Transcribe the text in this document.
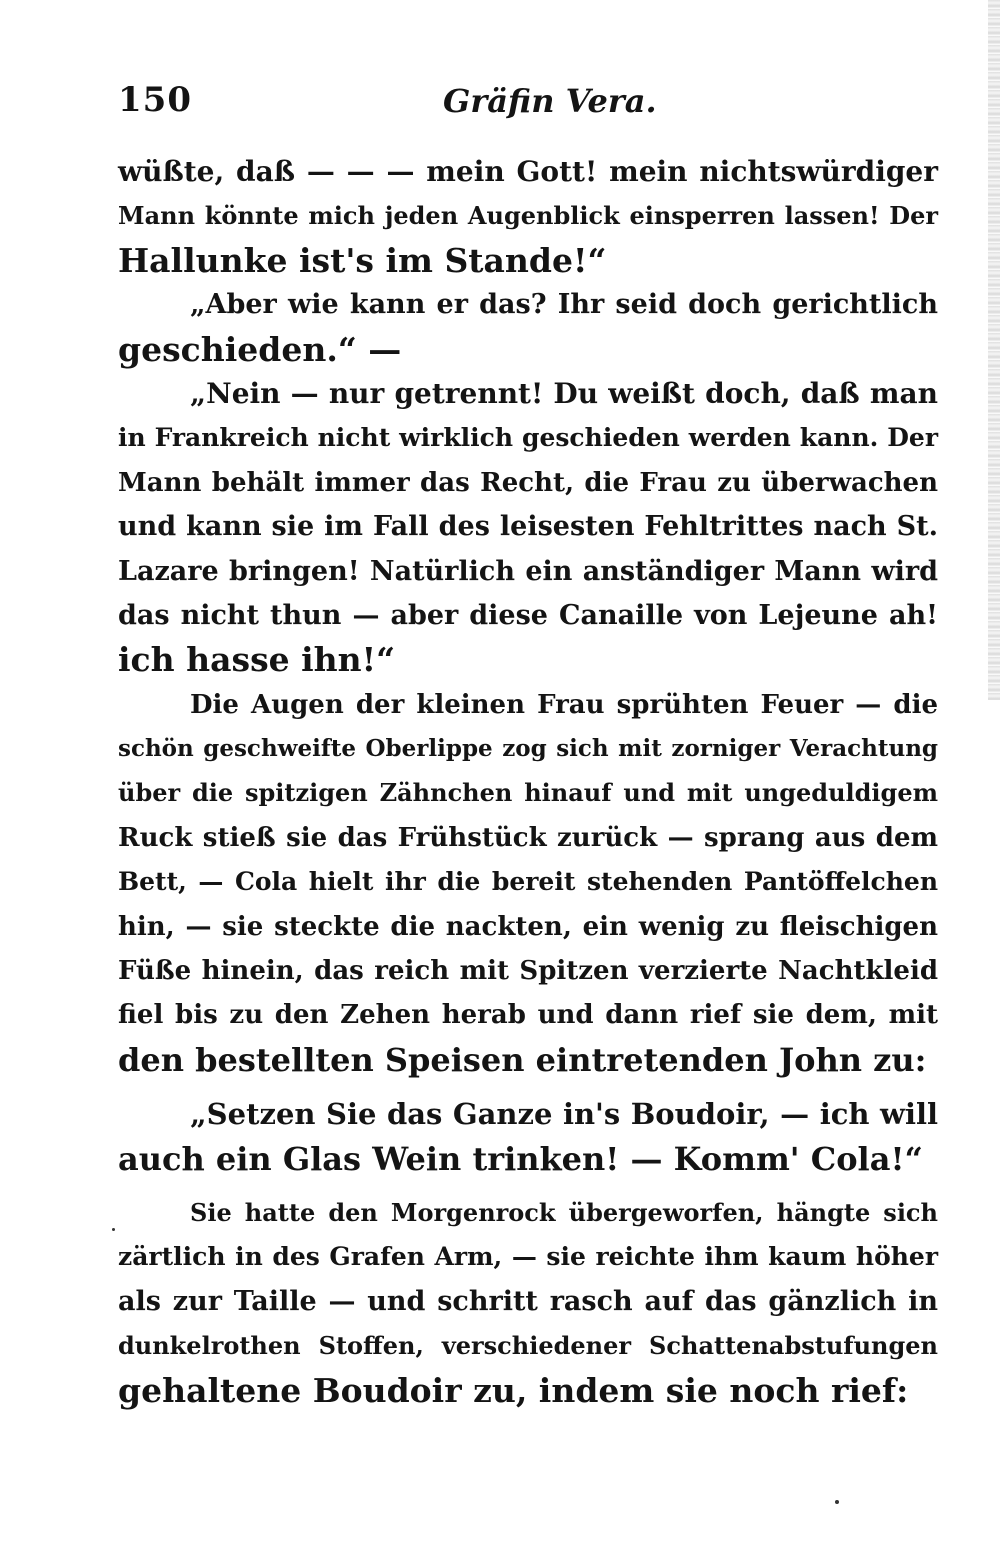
150	Gräfin Vera.
wüßte, daß — — — mein Gott! mein nichtswürdiger
Mann könnte mich jeden Augenblick einsperren lassen! Der
Hallunke ist's im Stande!“
„Aber wie kann er das? Ihr seid doch gerichtlich
geschieden.“ —
„Nein — nur getrennt! Du weißt doch, daß man
in Frankreich nicht wirklich geschieden werden kann. Der
Mann behält immer das Recht, die Frau zu überwachen
und kann sie im Fall des leisesten Fehltrittes nach St.
Lazare bringen! Natürlich ein anständiger Mann wird
das nicht thun — aber diese Canaille von Lejeune ah!
ich hasse ihn!“
Die Augen der kleinen Frau sprühten Feuer — die
schön geschweifte Oberlippe zog sich mit zorniger Verachtung
über die spitzigen Zähnchen hinauf und mit ungeduldigem
Ruck stieß sie das Frühstück zurück — sprang aus dem
Bett, — Cola hielt ihr die bereit stehenden Pantöffelchen
hin, — sie steckte die nackten, ein wenig zu fleischigen
Füße hinein, das reich mit Spitzen verzierte Nachtkleid
fiel bis zu den Zehen herab und dann rief sie dem, mit
den bestellten Speisen eintretenden John zu:
„Setzen Sie das Ganze in's Boudoir, — ich will
auch ein Glas Wein trinken! — Komm' Cola!“
Sie hatte den Morgenrock übergeworfen, hängte sich
zärtlich in des Grafen Arm, — sie reichte ihm kaum höher
als zur Taille — und schritt rasch auf das gänzlich in
dunkelrothen Stoffen, verschiedener Schattenabstufungen
gehaltene Boudoir zu, indem sie noch rief:
